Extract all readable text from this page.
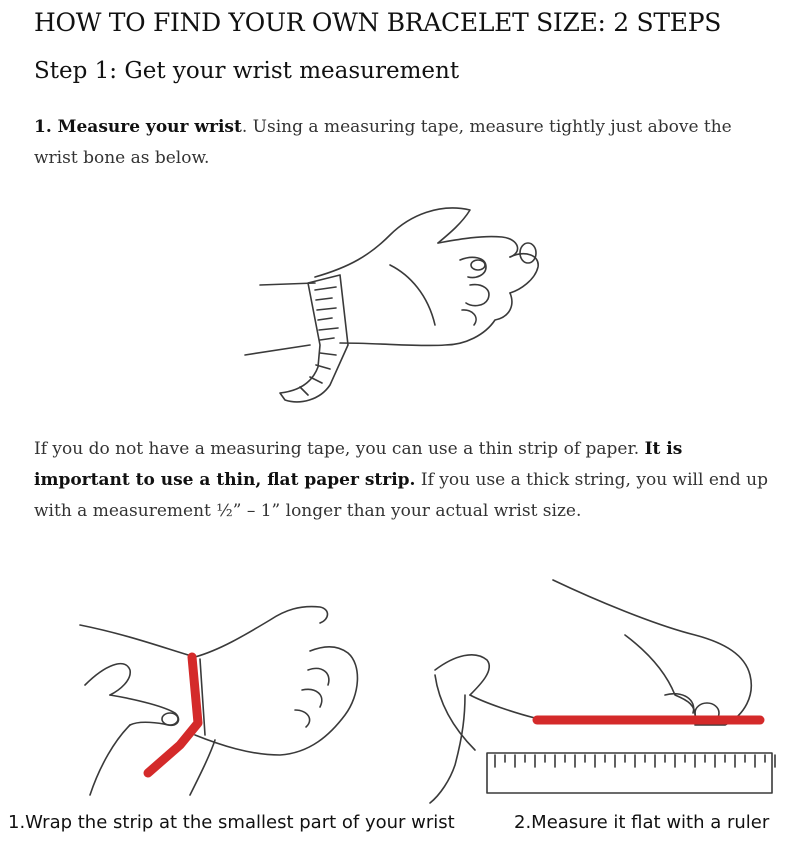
HOW TO FIND YOUR OWN BRACELET SIZE: 2 STEPS
Step 1: Get your wrist measurement

1. Measure your wrist. Using a measuring tape, measure tightly just above the wrist bone as below.

If you do not have a measuring tape, you can use a thin strip of paper. It is important to use a thin, flat paper strip. If you use a thick string, you will end up with a measurement ½” – 1” longer than your actual wrist size.

1.Wrap the strip at the smallest part of your wrist	2.Measure it flat with a ruler
